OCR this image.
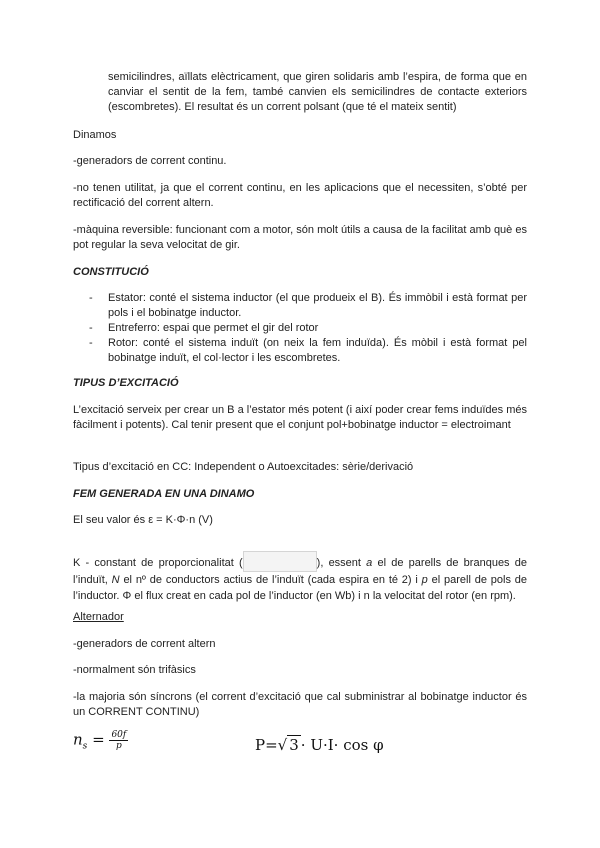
semicilindres, aïllats elèctricament, que giren solidaris amb l’espira, de forma que en canviar el sentit de la fem, també canvien els semicilindres de contacte exteriors (escombretes). El resultat és un corrent polsant (que té el mateix sentit)
Dinamos
-generadors de corrent continu.
-no tenen utilitat, ja que el corrent continu, en les aplicacions que el necessiten, s’obté per rectificació del corrent altern.
-màquina reversible: funcionant com a motor, són molt útils a causa de la facilitat amb què es pot regular la seva velocitat de gir.
CONSTITUCIÓ
- Estator: conté el sistema inductor (el que produeix el B). És immòbil i està format per pols i el bobinatge inductor.
- Entreferro: espai que permet el gir del rotor
- Rotor: conté el sistema induït (on neix la fem induïda). És mòbil i està format pel bobinatge induït, el col·lector i les escombretes.
TIPUS D’EXCITACIÓ
L’excitació serveix per crear un B a l’estator més potent (i així poder crear fems induïdes més fàcilment i potents). Cal tenir present que el conjunt pol+bobinatge inductor = electroimant
Tipus d’excitació en CC: Independent o Autoexcitades: sèrie/derivació
FEM GENERADA EN UNA DINAMO
El seu valor és ε = K·Φ·n (V)
K - constant de proporcionalitat (	), essent a el de parells de branques de l’induït, N el nº de conductors actius de l’induït (cada espira en té 2) i p el parell de pols de l’inductor. Φ el flux creat en cada pol de l’inductor (en Wb) i n la velocitat del rotor (en rpm).
Alternador
-generadors de corrent altern
-normalment són trifàsics
-la majoria són síncrons (el corrent d’excitació que cal subministrar al bobinatge inductor és un CORRENT CONTINU)
$n_s = \frac{60f}{p}$	P=√ 3 · U·I· cos φ
